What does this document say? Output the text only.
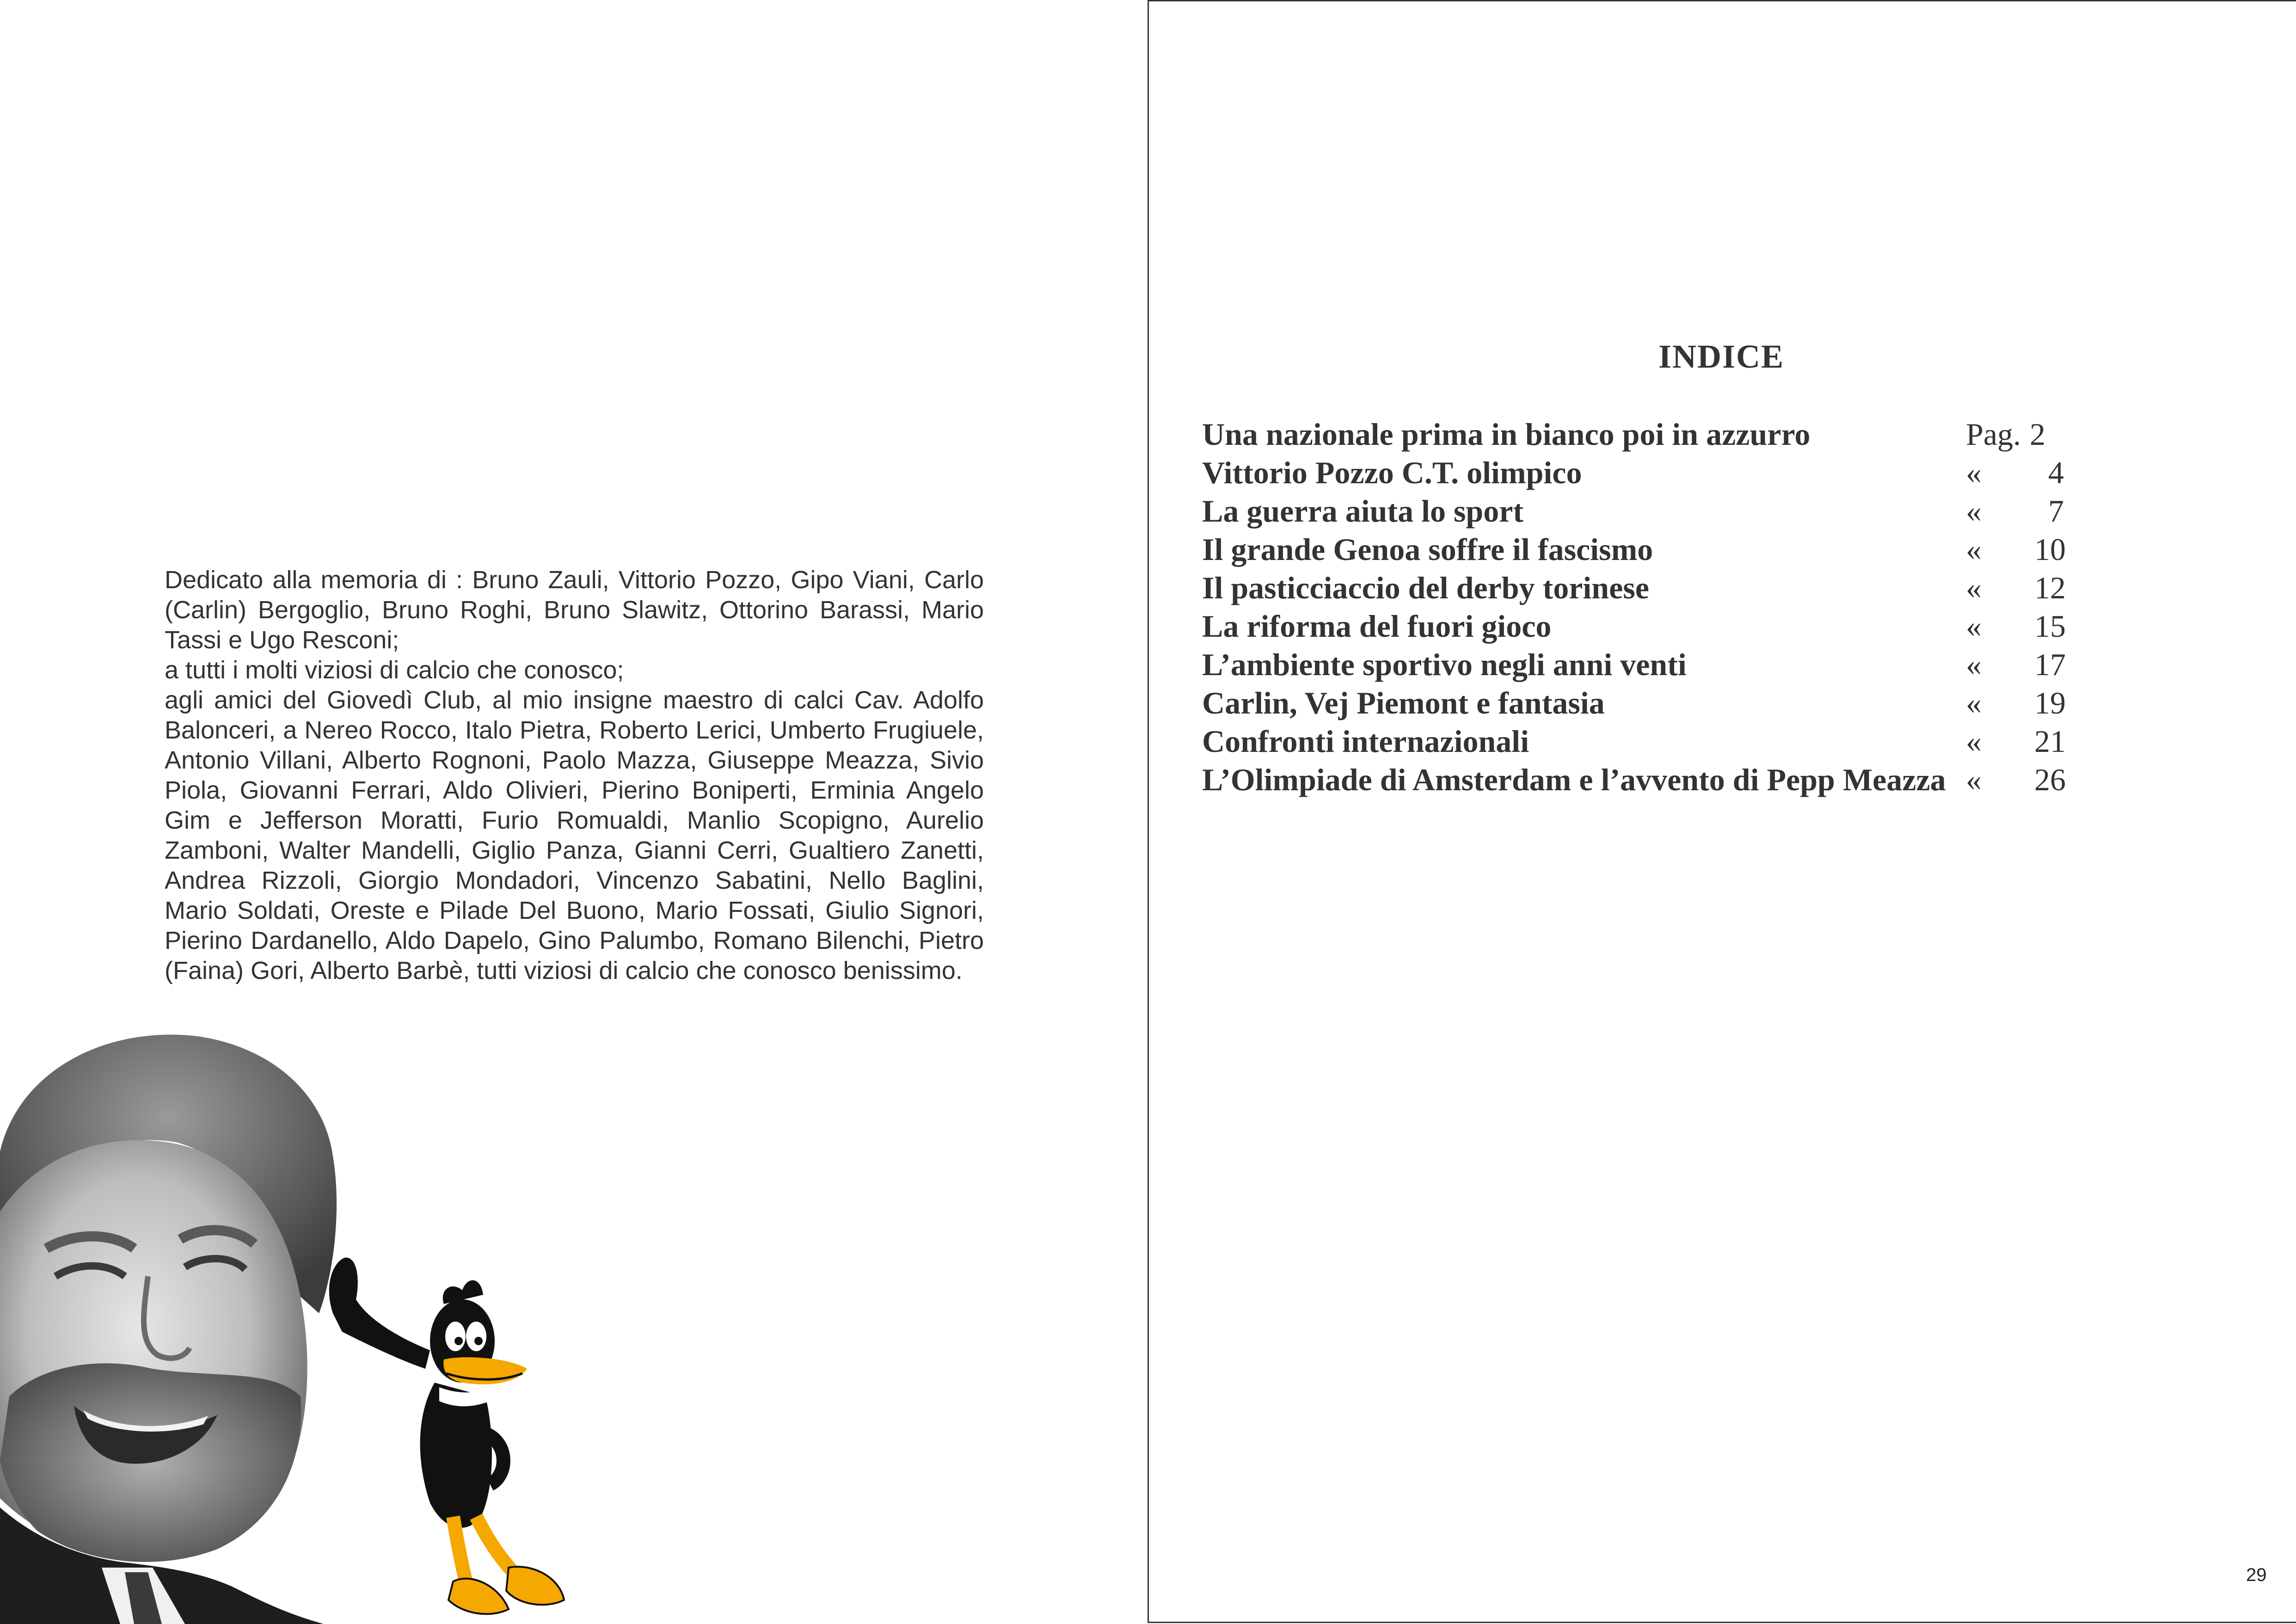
Dedicato alla memoria di : Bruno Zauli, Vittorio Pozzo, Gipo Viani, Carlo (Carlin) Bergoglio, Bruno Roghi, Bruno Slawitz, Ottorino Barassi, Mario Tassi e Ugo Resconi;

a tutti i molti viziosi di calcio che conosco;

agli amici del Giovedì Club, al mio insigne maestro di calci Cav. Adolfo Balonceri, a Nereo Rocco, Italo Pietra, Roberto Lerici, Umberto Frugiuele, Antonio Villani, Alberto Rognoni, Paolo Mazza, Giuseppe Meazza, Sivio Piola, Giovanni Ferrari, Aldo Olivieri, Pierino Boniperti, Erminia Angelo Gim e Jefferson Moratti, Furio Romualdi, Manlio Scopigno, Aurelio Zamboni, Walter Mandelli, Giglio Panza, Gianni Cerri, Gualtiero Zanetti, Andrea Rizzoli, Giorgio Mondadori, Vincenzo Sabatini, Nello Baglini, Mario Soldati, Oreste e Pilade Del Buono, Mario Fossati, Giulio Signori, Pierino Dardanello, Aldo Dapelo, Gino Palumbo, Romano Bilenchi, Pietro (Faina) Gori, Alberto Barbè, tutti viziosi di calcio che conosco benissimo.

INDICE
Una nazionale prima in bianco poi in azzurro	Pag. 2
Vittorio Pozzo C.T. olimpico	« 4
La guerra aiuta lo sport	« 7
Il grande Genoa soffre il fascismo	« 10
Il pasticciaccio del derby torinese	« 12
La riforma del fuori gioco	« 15
L’ambiente sportivo negli anni venti	« 17
Carlin, Vej Piemont e fantasia	« 19
Confronti internazionali	« 21
L’Olimpiade di Amsterdam e l’avvento di Pepp Meazza « 26
29
